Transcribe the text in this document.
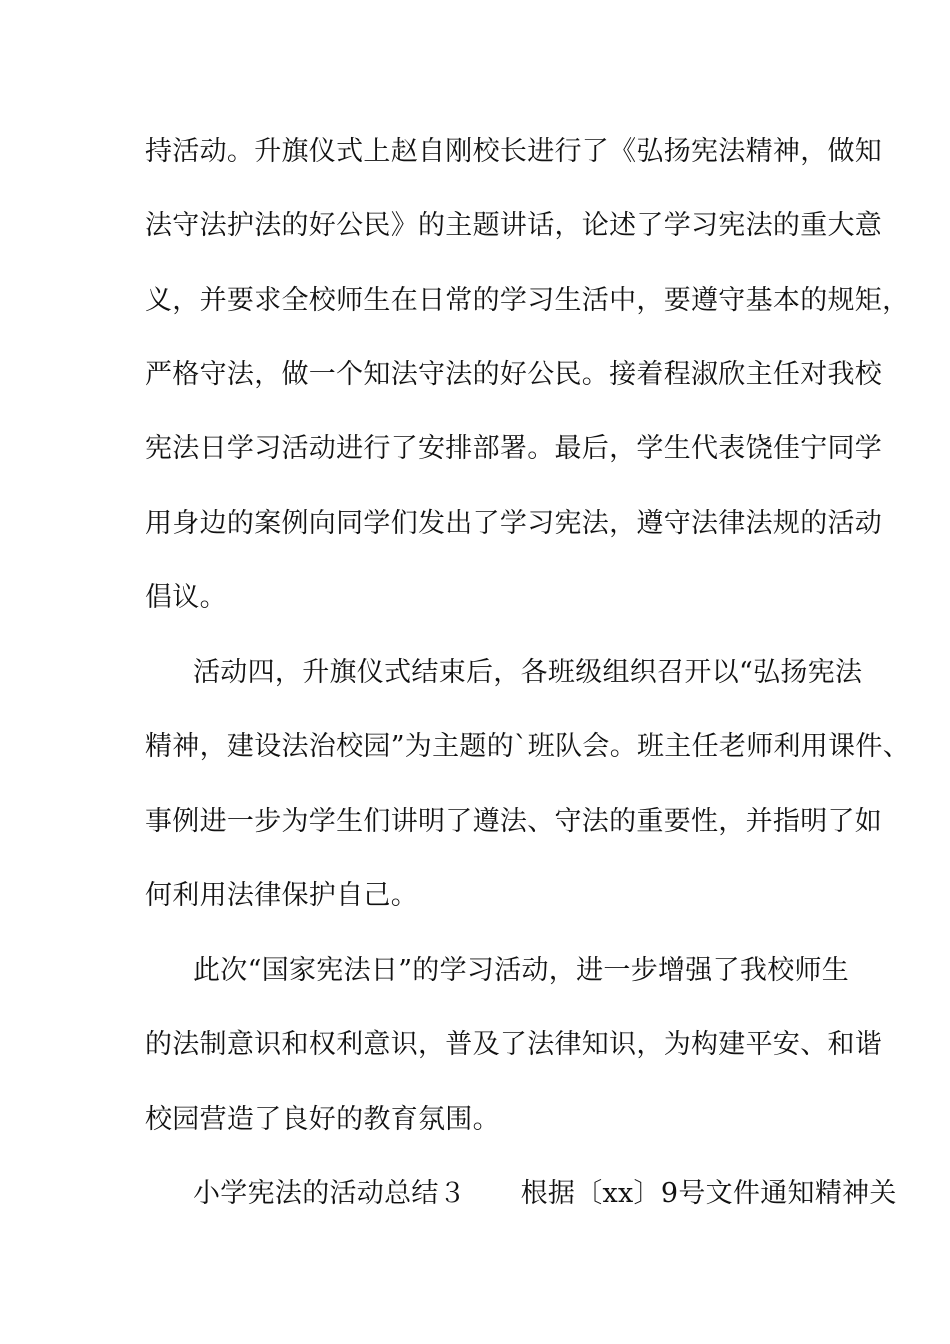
持活动。升旗仪式上赵自刚校长进行了《弘扬宪法精神，做知
法守法护法的好公民》的主题讲话，论述了学习宪法的重大意
义，并要求全校师生在日常的学习生活中，要遵守基本的规矩，
严格守法，做一个知法守法的好公民。接着程淑欣主任对我校
宪法日学习活动进行了安排部署。最后，学生代表饶佳宁同学
用身边的案例向同学们发出了学习宪法，遵守法律法规的活动
倡议。
活动四，升旗仪式结束后，各班级组织召开以“弘扬宪法
精神，建设法治校园”为主题的`班队会。班主任老师利用课件、
事例进一步为学生们讲明了遵法、守法的重要性，并指明了如
何利用法律保护自己。
此次“国家宪法日”的学习活动，进一步增强了我校师生
的法制意识和权利意识，普及了法律知识，为构建平安、和谐
校园营造了良好的教育氛围。
小学宪法的活动总结３　　根据〔xx〕9号文件通知精神关
